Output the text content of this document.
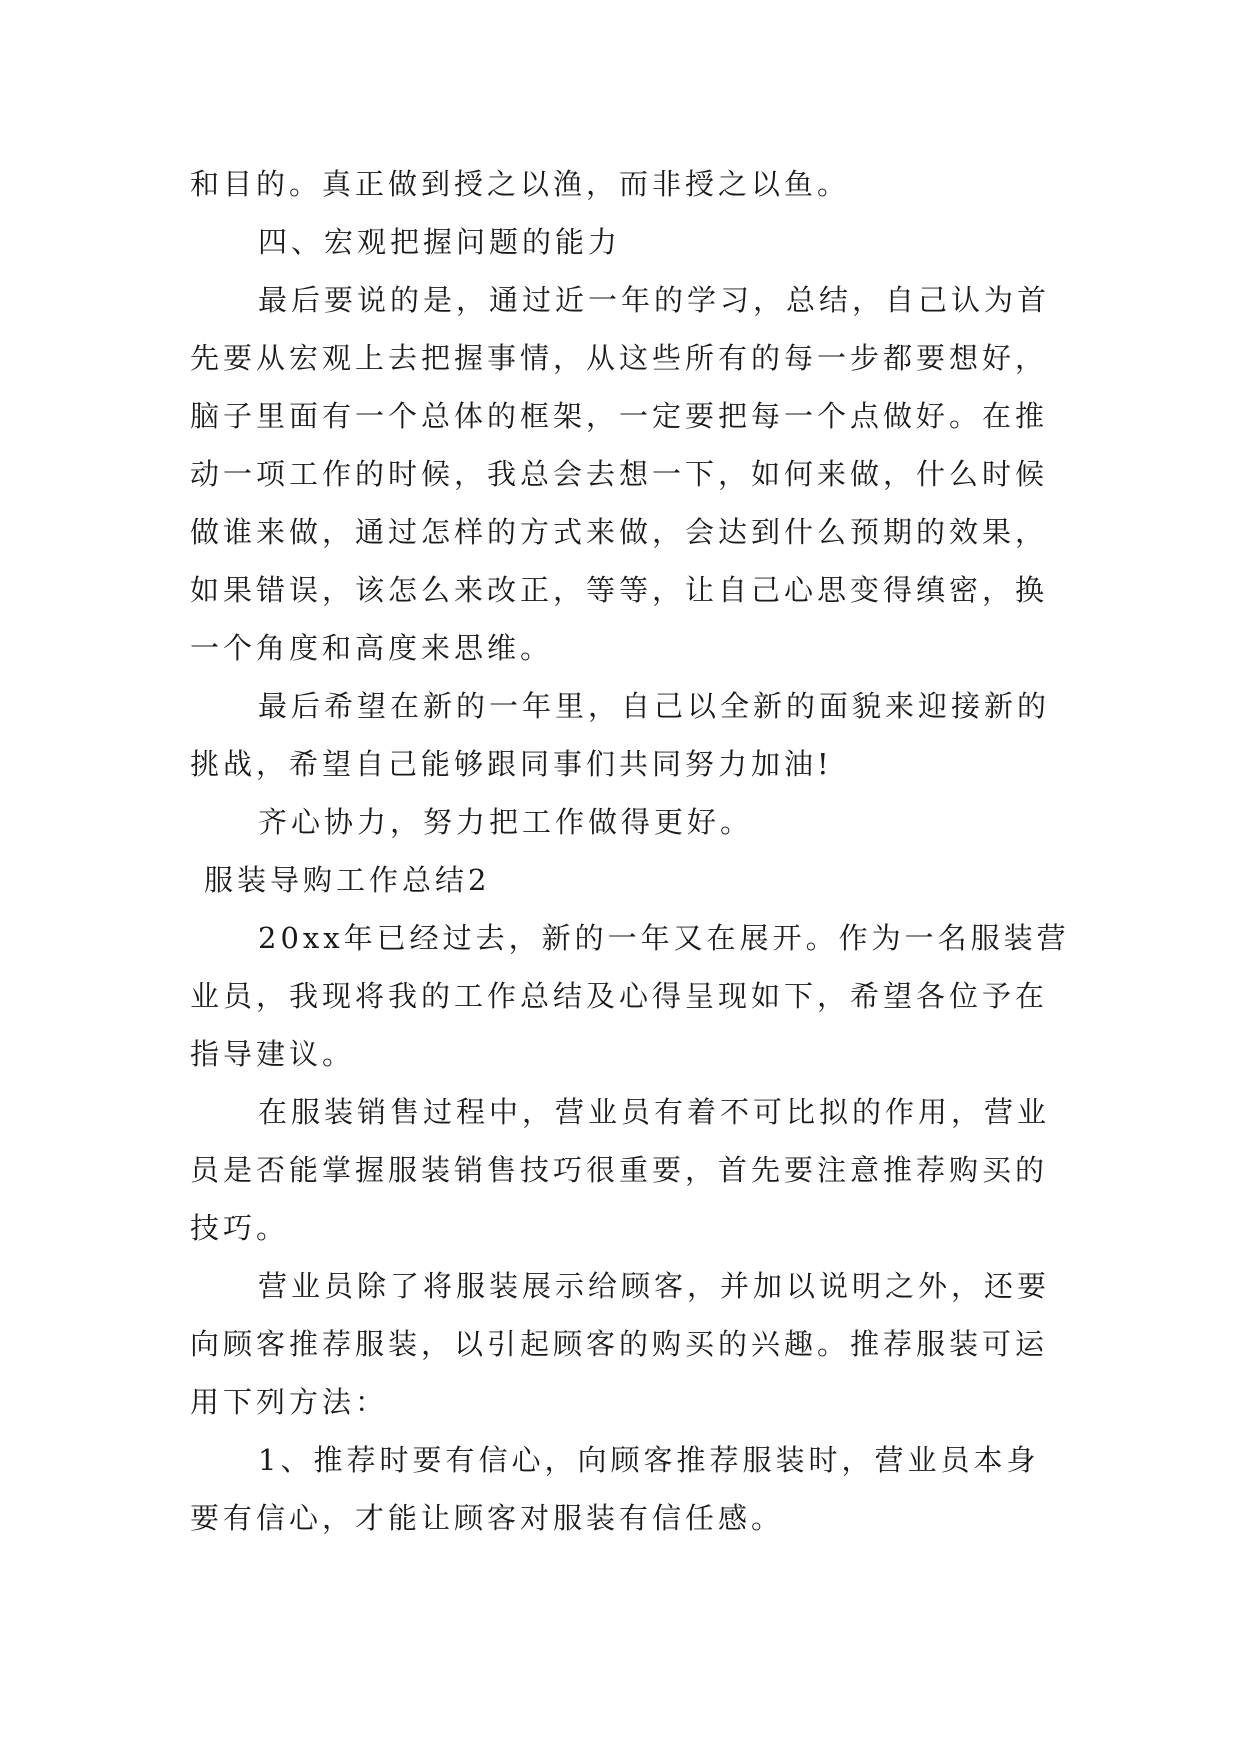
和目的。真正做到授之以渔，而非授之以鱼。
四、宏观把握问题的能力
最后要说的是，通过近一年的学习，总结，自己认为首
先要从宏观上去把握事情，从这些所有的每一步都要想好，
脑子里面有一个总体的框架，一定要把每一个点做好。在推
动一项工作的时候，我总会去想一下，如何来做，什么时候
做谁来做，通过怎样的方式来做，会达到什么预期的效果，
如果错误，该怎么来改正，等等，让自己心思变得缜密，换
一个角度和高度来思维。
最后希望在新的一年里，自己以全新的面貌来迎接新的
挑战，希望自己能够跟同事们共同努力加油!
齐心协力，努力把工作做得更好。
服装导购工作总结2
20xx年已经过去，新的一年又在展开。作为一名服装营
业员，我现将我的工作总结及心得呈现如下，希望各位予在
指导建议。
在服装销售过程中，营业员有着不可比拟的作用，营业
员是否能掌握服装销售技巧很重要，首先要注意推荐购买的
技巧。
营业员除了将服装展示给顾客，并加以说明之外，还要
向顾客推荐服装，以引起顾客的购买的兴趣。推荐服装可运
用下列方法：
1、推荐时要有信心，向顾客推荐服装时，营业员本身
要有信心，才能让顾客对服装有信任感。
